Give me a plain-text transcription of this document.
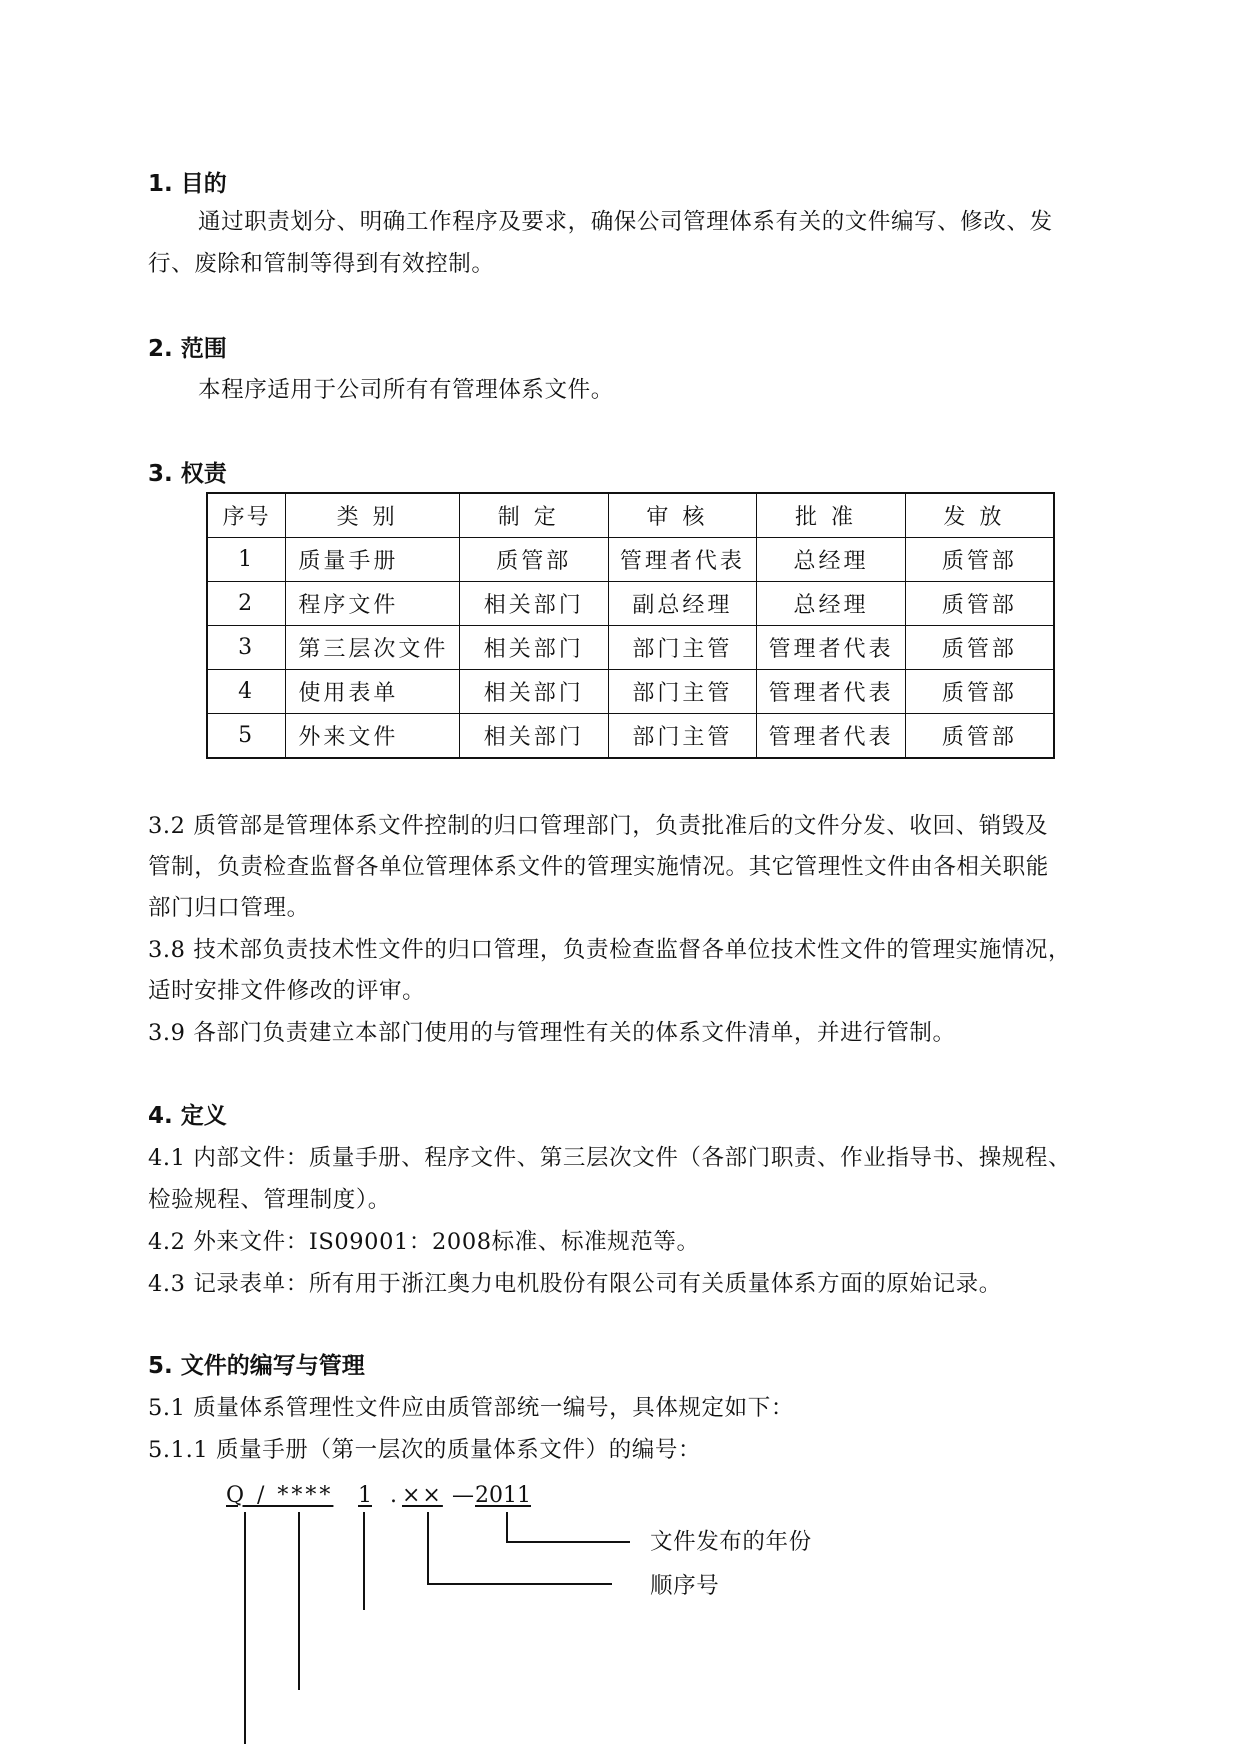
1. 目的
通过职责划分、明确工作程序及要求，确保公司管理体系有关的文件编写、修改、发
行、废除和管制等得到有效控制。
2. 范围
本程序适用于公司所有有管理体系文件。
3. 权责
序号	类别	制定	审核	批准	发放
1	质量手册	质管部	管理者代表	总经理	质管部
2	程序文件	相关部门	副总经理	总经理	质管部
3	第三层次文件	相关部门	部门主管	管理者代表	质管部
4	使用表单	相关部门	部门主管	管理者代表	质管部
5	外来文件	相关部门	部门主管	管理者代表	质管部
3.2 质管部是管理体系文件控制的归口管理部门，负责批准后的文件分发、收回、销毁及
管制，负责检查监督各单位管理体系文件的管理实施情况。其它管理性文件由各相关职能
部门归口管理。
3.8 技术部负责技术性文件的归口管理，负责检查监督各单位技术性文件的管理实施情况，
适时安排文件修改的评审。
3.9 各部门负责建立本部门使用的与管理性有关的体系文件清单，并进行管制。
4. 定义
4.1 内部文件：质量手册、程序文件、第三层次文件（各部门职责、作业指导书、操规程、
检验规程、管理制度）。
4.2 外来文件：IS09001：2008标准、标准规范等。
4.3 记录表单：所有用于浙江奥力电机股份有限公司有关质量体系方面的原始记录。
5. 文件的编写与管理
5.1 质量体系管理性文件应由质管部统一编号，具体规定如下：
5.1.1 质量手册（第一层次的质量体系文件）的编号：
Q / **** 1 . ×× — 2011
文件发布的年份
顺序号
